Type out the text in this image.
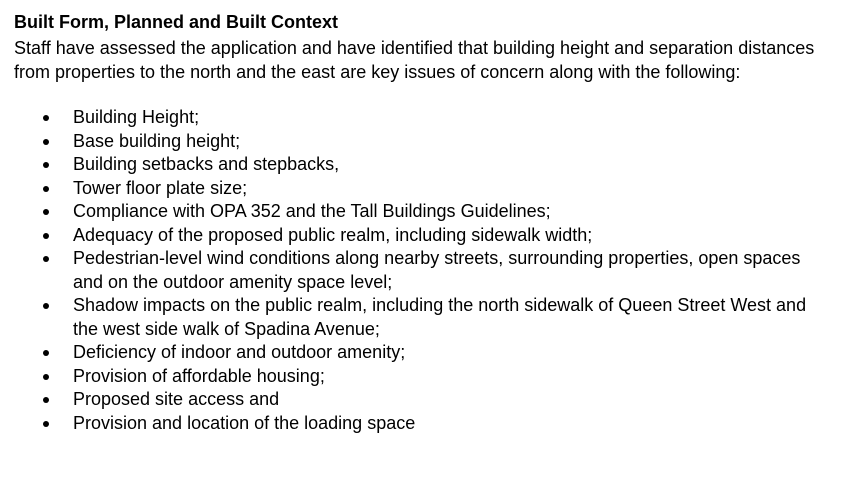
Built Form, Planned and Built Context

Staff have assessed the application and have identified that building height and separation distances from properties to the north and the east are key issues of concern along with the following:

Building Height;
Base building height;
Building setbacks and stepbacks,
Tower floor plate size;
Compliance with OPA 352 and the Tall Buildings Guidelines;
Adequacy of the proposed public realm, including sidewalk width;
Pedestrian-level wind conditions along nearby streets, surrounding properties, open spaces and on the outdoor amenity space level;
Shadow impacts on the public realm, including the north sidewalk of Queen Street West and the west side walk of Spadina Avenue;
Deficiency of indoor and outdoor amenity;
Provision of affordable housing;
Proposed site access and
Provision and location of the loading space
